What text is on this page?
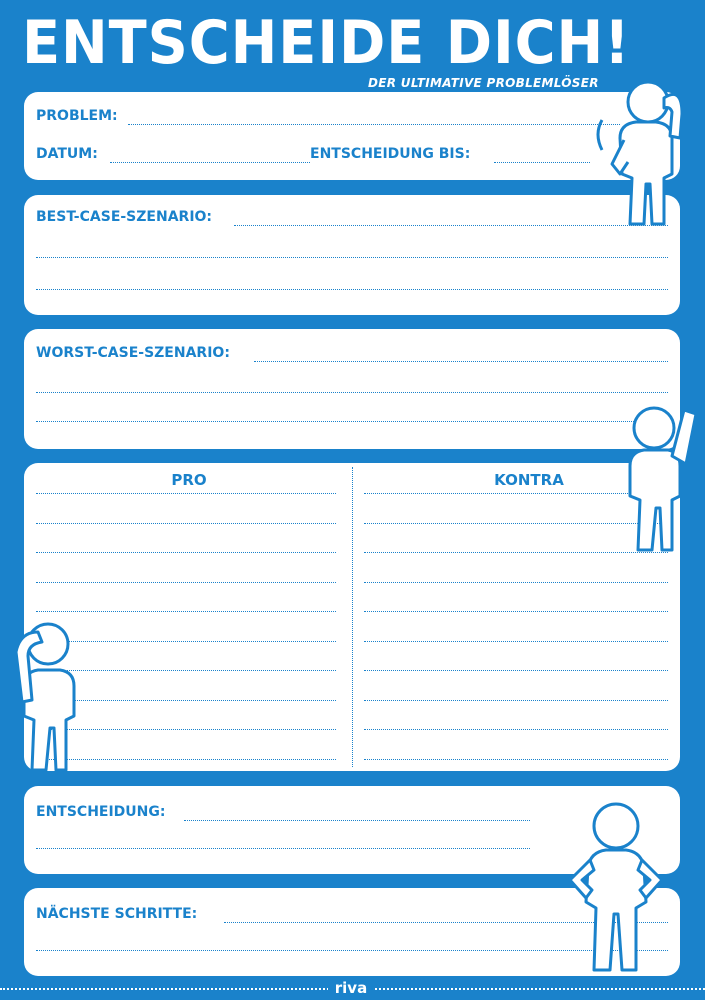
ENTSCHEIDE DICH!
DER ULTIMATIVE PROBLEMLÖSER
PROBLEM:
DATUM:	ENTSCHEIDUNG BIS:
BEST-CASE-SZENARIO:
WORST-CASE-SZENARIO:
PRO	KONTRA
ENTSCHEIDUNG:
NÄCHSTE SCHRITTE:
riva
